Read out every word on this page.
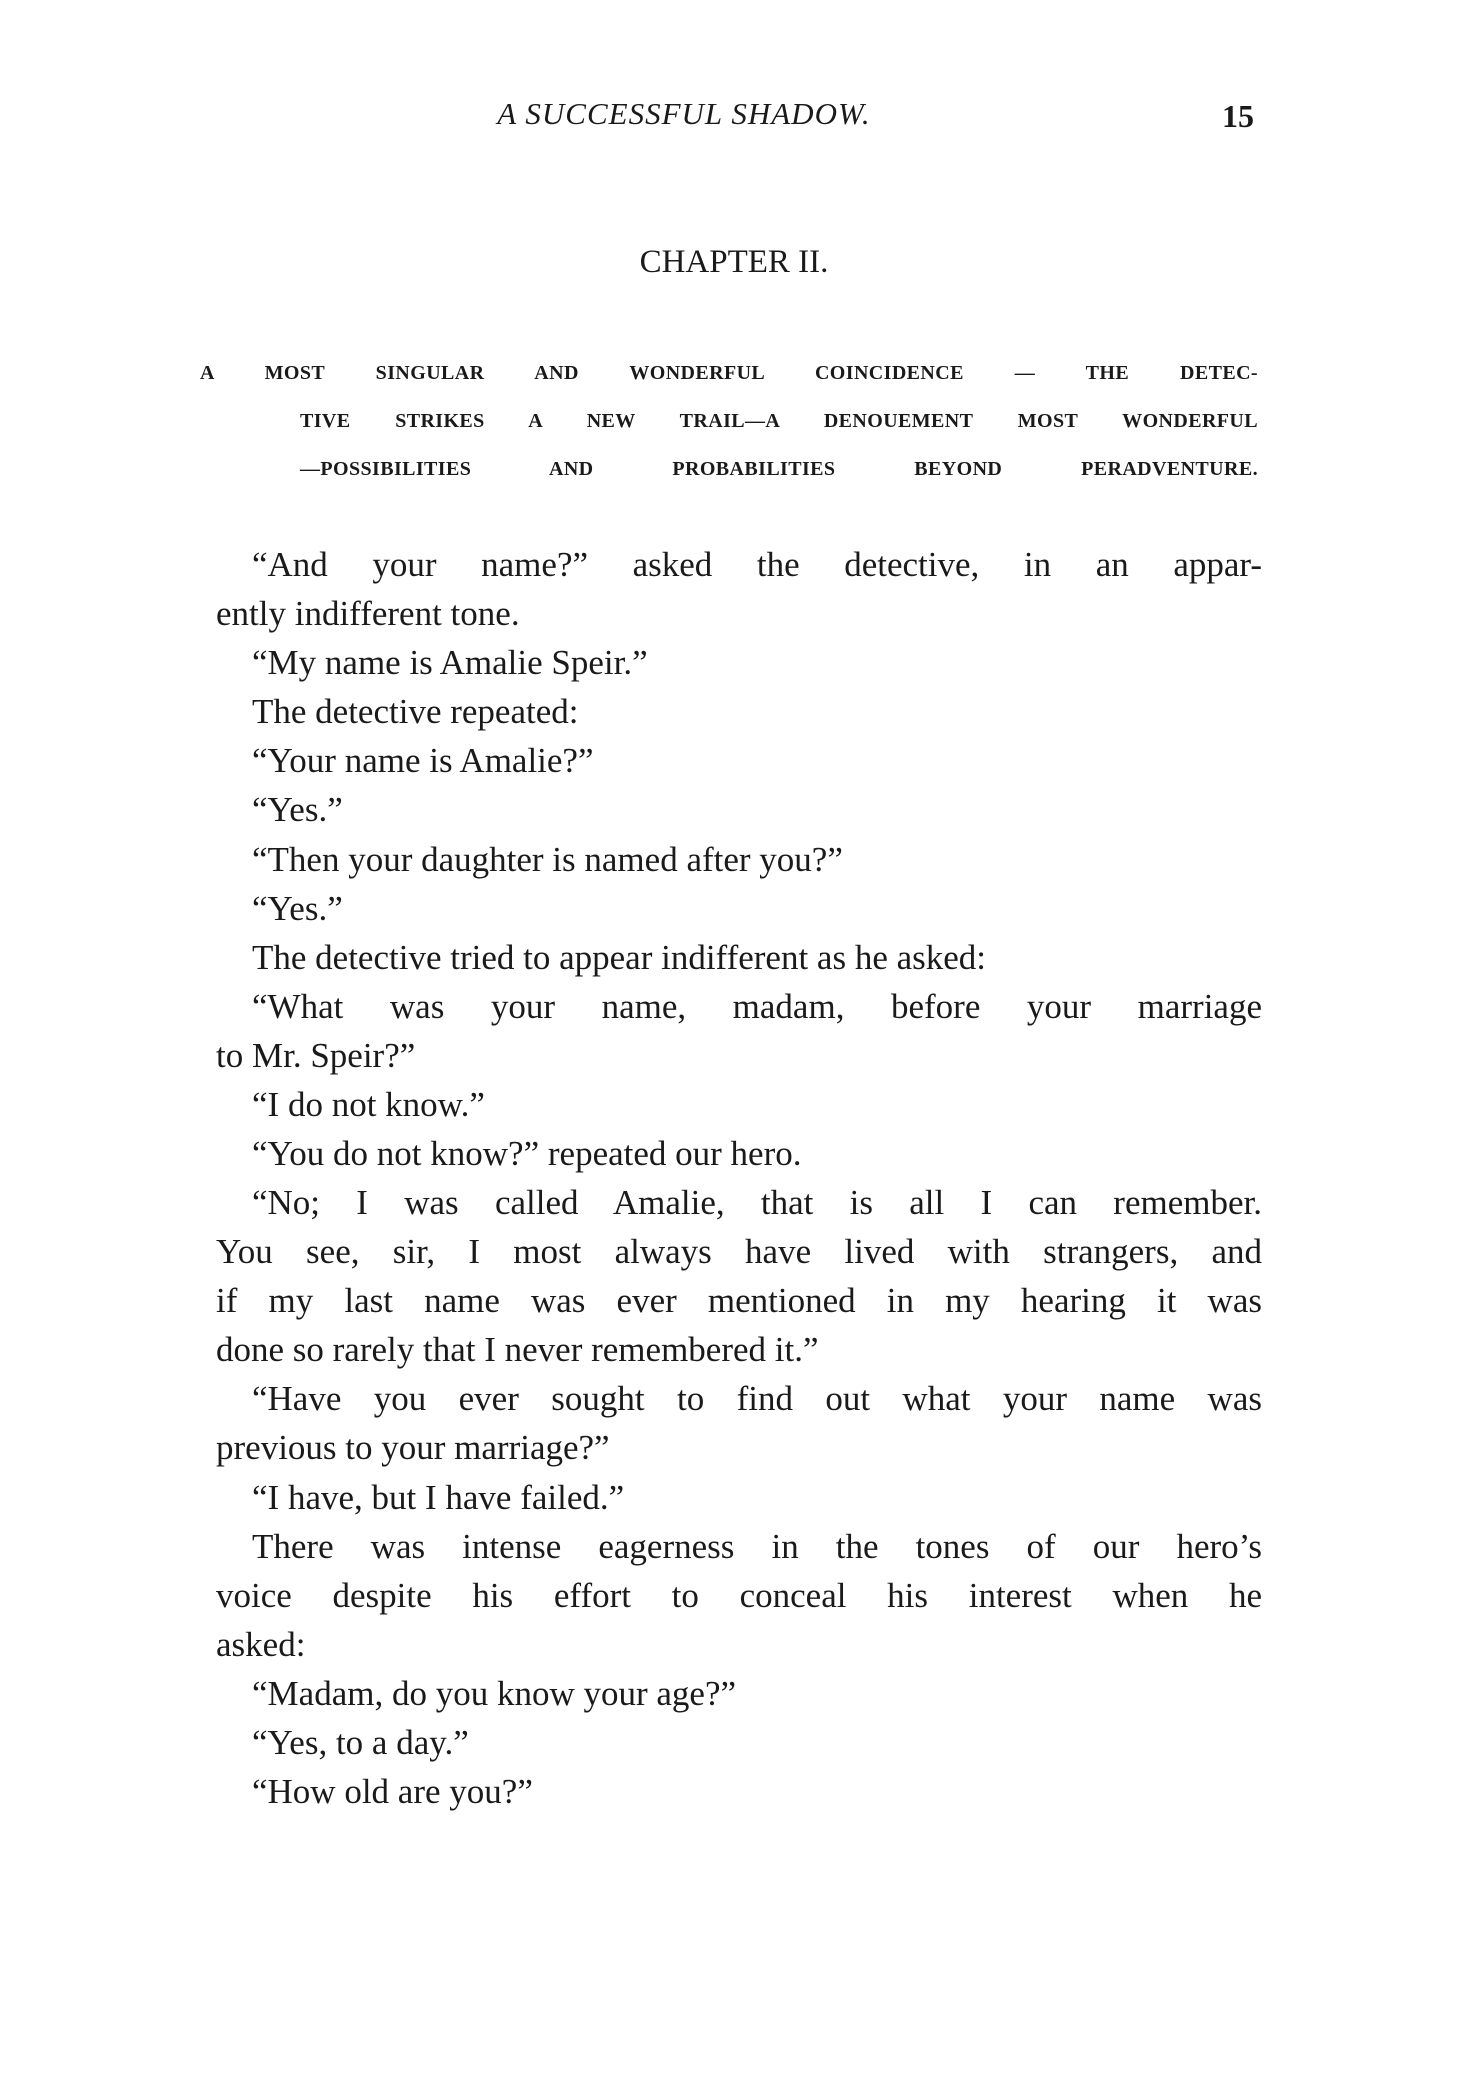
A SUCCESSFUL SHADOW.	15
CHAPTER II.
A MOST SINGULAR AND WONDERFUL COINCIDENCE — THE DETEC-
TIVE STRIKES A NEW TRAIL—A DENOUEMENT MOST WONDERFUL
—POSSIBILITIES AND PROBABILITIES BEYOND PERADVENTURE.
“And your name?” asked the detective, in an appar-
ently indifferent tone.
“My name is Amalie Speir.”
The detective repeated:
“Your name is Amalie?”
“Yes.”
“Then your daughter is named after you?”
“Yes.”
The detective tried to appear indifferent as he asked:
“What was your name, madam, before your marriage
to Mr. Speir?”
“I do not know.”
“You do not know?” repeated our hero.
“No; I was called Amalie, that is all I can remember.
You see, sir, I most always have lived with strangers, and
if my last name was ever mentioned in my hearing it was
done so rarely that I never remembered it.”
“Have you ever sought to find out what your name was
previous to your marriage?”
“I have, but I have failed.”
There was intense eagerness in the tones of our hero’s
voice despite his effort to conceal his interest when he
asked:
“Madam, do you know your age?”
“Yes, to a day.”
“How old are you?”
